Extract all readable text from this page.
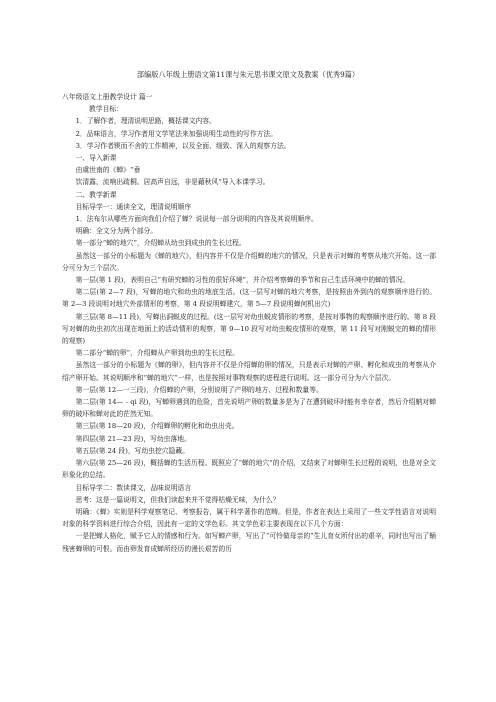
部编版八年级上册语文第11课与朱元思书课文原文及教案（优秀9篇）

八年级语文上册教学设计 篇一

教学目标：

1．了解作者，理清说明思路，概括课文内容。

2．品味语言，学习作者用文学笔法来加强说明生动性的写作方法。

3．学习作者锲而不舍的工作精神，以及全面、细致、深入的观察方法。

一、导入新课

由虞世南的《蝉》“垂

饮清露，流响出疏桐。居高声自远，非是藉秋风”导入本课学习。

二、教学新课

目标导学一：通读全文，理清说明顺序

1．法布尔从哪些方面向我们介绍了蝉？说说每一部分说明的内容及其说明顺序。

明确：全文分为两个部分。

第一部分“蝉的地穴”，介绍蝉从幼虫到成虫的生长过程。

虽然这一部分的小标题为《蝉的地穴》，但内容并不仅是介绍蝉的地穴的情况，只是表示对蝉的考察从地穴开始。这一部分可分为三个层次。

第一层(第 1 段)，表明自己“有研究蝉的习性的很好环境”，并介绍考察蝉的季节和自己生活环境中的蝉的情况。

第二层(第 2—7 段)，写蝉的地穴和幼虫的地底生活。(这一层写对蝉的地穴考察，是按照由外到内的观察顺序进行的。第 2—3 段说明对地穴外部情形的考察，第 4 段说明蝉建穴，第 5—7 段说明蝉何机出穴)

第三层(第 8—11 段)，写蝉出洞蜕皮的过程。(这一层写对幼虫蜕皮情形的考察，是按对事物的观察顺序进行的。第 8 段写对蝉的幼虫初次出现在地面上的活动情形的观察，第 9—10 段写对幼虫蜕皮情形的观察，第 11 段写对刚蜕完的蝉的情形的观察)

第二部分“蝉的卵”，介绍蝉从产卵到幼虫的生长过程。

虽然这一部分的小标题为《蝉的卵》，但内容并不仅是介绍蝉的卵的情况，只是表示对蝉的产卵、孵化和成虫的考察从介绍产卵开始。其说明顺序和“蝉的地穴”一样，也是按照对事物观察的进程进行说明。这一部分可分为六个层次。

第一层(第 12—一三段)，介绍蝉的产卵，分别说明了产卵的地方、过程和数量等。

第二层(第 14—﹣qi 段)，写蝉卵遇到的危险，首先说明产卵的数量多是为了在遭到破坏时能有幸存者，然后介绍蚋对蝉卵的破坏和蝉对此的茫然无知。

第三层(第 18—20 段)，介绍蝉卵的孵化和幼虫出壳。

第四层(第 21—23 段)，写幼虫落地。

第五层(第 24 段)，写幼虫挖穴隐藏。

第六层(第 25—26 段)，概括蝉的生活历程。既照应了“蝉的地穴”的介绍，又结束了对蝉卵生长过程的说明，也是对全文形象化的总结。

目标导学二：数读课文，品味说明语言

思考：这是一篇说明文，但我们读起来并不觉得枯燥无味，为什么？

明确：《蝉》实则是科学观察笔记、考察报告，属于科学著作的范畴。但是，作者在表达上采用了一些文学性语言对说明对象的科学资料进行综合介绍，因此有一定的文学色彩。其文学色彩主要表现在以下几个方面：

一是把蝉人格化，赋予它人的情感和行为。如写蝉产卵，写出了“可怜做母亲的”生儿育女所付出的艰辛，同时也写出了蛹残害蝉卵的可恨。而由卵发育成蝉所经历的漫长艰苦的历
